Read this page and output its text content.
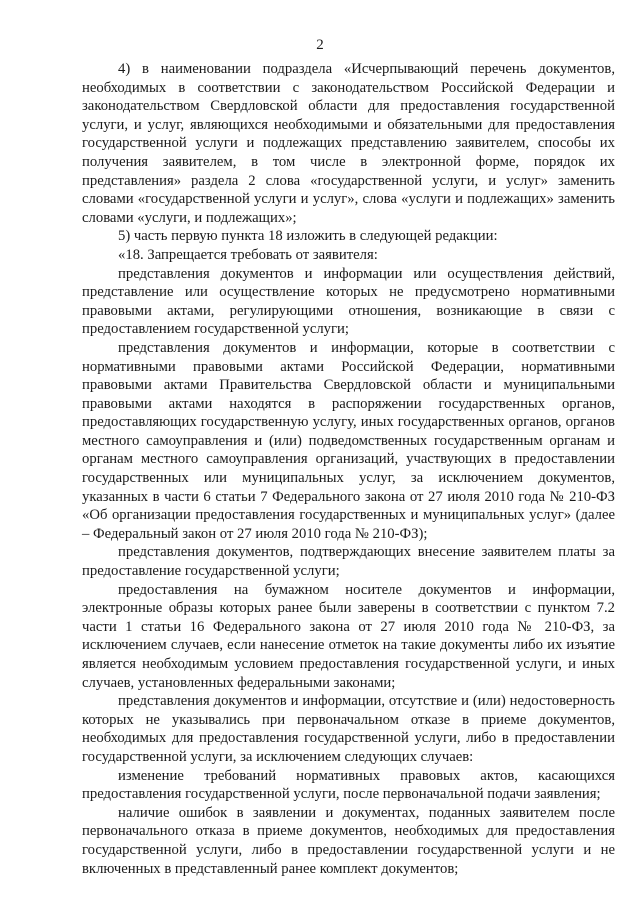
2

4) в наименовании подраздела «Исчерпывающий перечень документов, необходимых в соответствии с законодательством Российской Федерации и законодательством Свердловской области для предоставления государственной услуги, и услуг, являющихся необходимыми и обязательными для предоставления государственной услуги и подлежащих представлению заявителем, способы их получения заявителем, в том числе в электронной форме, порядок их представления» раздела 2 слова «государственной услуги, и услуг» заменить словами «государственной услуги и услуг», слова «услуги и подлежащих» заменить словами «услуги, и подлежащих»;

5) часть первую пункта 18 изложить в следующей редакции:

«18. Запрещается требовать от заявителя:

представления документов и информации или осуществления действий, представление или осуществление которых не предусмотрено нормативными правовыми актами, регулирующими отношения, возникающие в связи с предоставлением государственной услуги;

представления документов и информации, которые в соответствии с нормативными правовыми актами Российской Федерации, нормативными правовыми актами Правительства Свердловской области и муниципальными правовыми актами находятся в распоряжении государственных органов, предоставляющих государственную услугу, иных государственных органов, органов местного самоуправления и (или) подведомственных государственным органам и органам местного самоуправления организаций, участвующих в предоставлении государственных или муниципальных услуг, за исключением документов, указанных в части 6 статьи 7 Федерального закона от 27 июля 2010 года № 210-ФЗ «Об организации предоставления государственных и муниципальных услуг» (далее – Федеральный закон от 27 июля 2010 года № 210-ФЗ);

представления документов, подтверждающих внесение заявителем платы за предоставление государственной услуги;

предоставления на бумажном носителе документов и информации, электронные образы которых ранее были заверены в соответствии с пунктом 7.2 части 1 статьи 16 Федерального закона от 27 июля 2010 года № 210-ФЗ, за исключением случаев, если нанесение отметок на такие документы либо их изъятие является необходимым условием предоставления государственной услуги, и иных случаев, установленных федеральными законами;

представления документов и информации, отсутствие и (или) недостоверность которых не указывались при первоначальном отказе в приеме документов, необходимых для предоставления государственной услуги, либо в предоставлении государственной услуги, за исключением следующих случаев:

изменение требований нормативных правовых актов, касающихся предоставления государственной услуги, после первоначальной подачи заявления;

наличие ошибок в заявлении и документах, поданных заявителем после первоначального отказа в приеме документов, необходимых для предоставления государственной услуги, либо в предоставлении государственной услуги и не включенных в представленный ранее комплект документов;
